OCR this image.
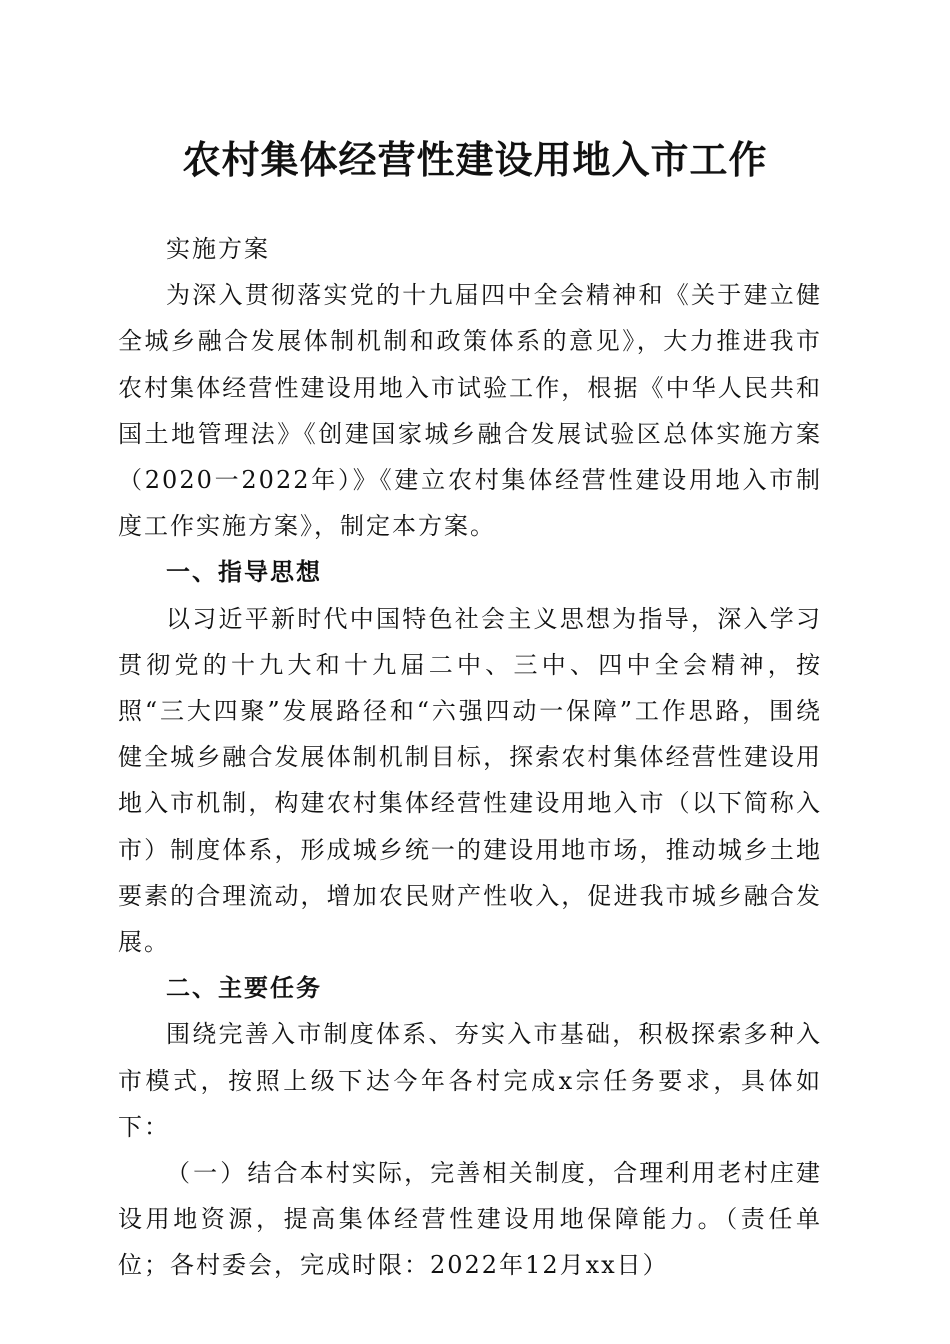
农村集体经营性建设用地入市工作

实施方案

为深入贯彻落实党的十九届四中全会精神和《关于建立健全城乡融合发展体制机制和政策体系的意见》，大力推进我市农村集体经营性建设用地入市试验工作，根据《中华人民共和国土地管理法》《创建国家城乡融合发展试验区总体实施方案（2020一2022年）》《建立农村集体经营性建设用地入市制度工作实施方案》，制定本方案。

一、指导思想

以习近平新时代中国特色社会主义思想为指导，深入学习贯彻党的十九大和十九届二中、三中、四中全会精神，按照“三大四聚”发展路径和“六强四动一保障”工作思路，围绕健全城乡融合发展体制机制目标，探索农村集体经营性建设用地入市机制，构建农村集体经营性建设用地入市（以下简称入市）制度体系，形成城乡统一的建设用地市场，推动城乡土地要素的合理流动，增加农民财产性收入，促进我市城乡融合发展。

二、主要任务

围绕完善入市制度体系、夯实入市基础，积极探索多种入市模式，按照上级下达今年各村完成x宗任务要求，具体如下：

（一）结合本村实际，完善相关制度，合理利用老村庄建设用地资源，提高集体经营性建设用地保障能力。（责任单位；各村委会，完成时限：2022年12月xx日）
